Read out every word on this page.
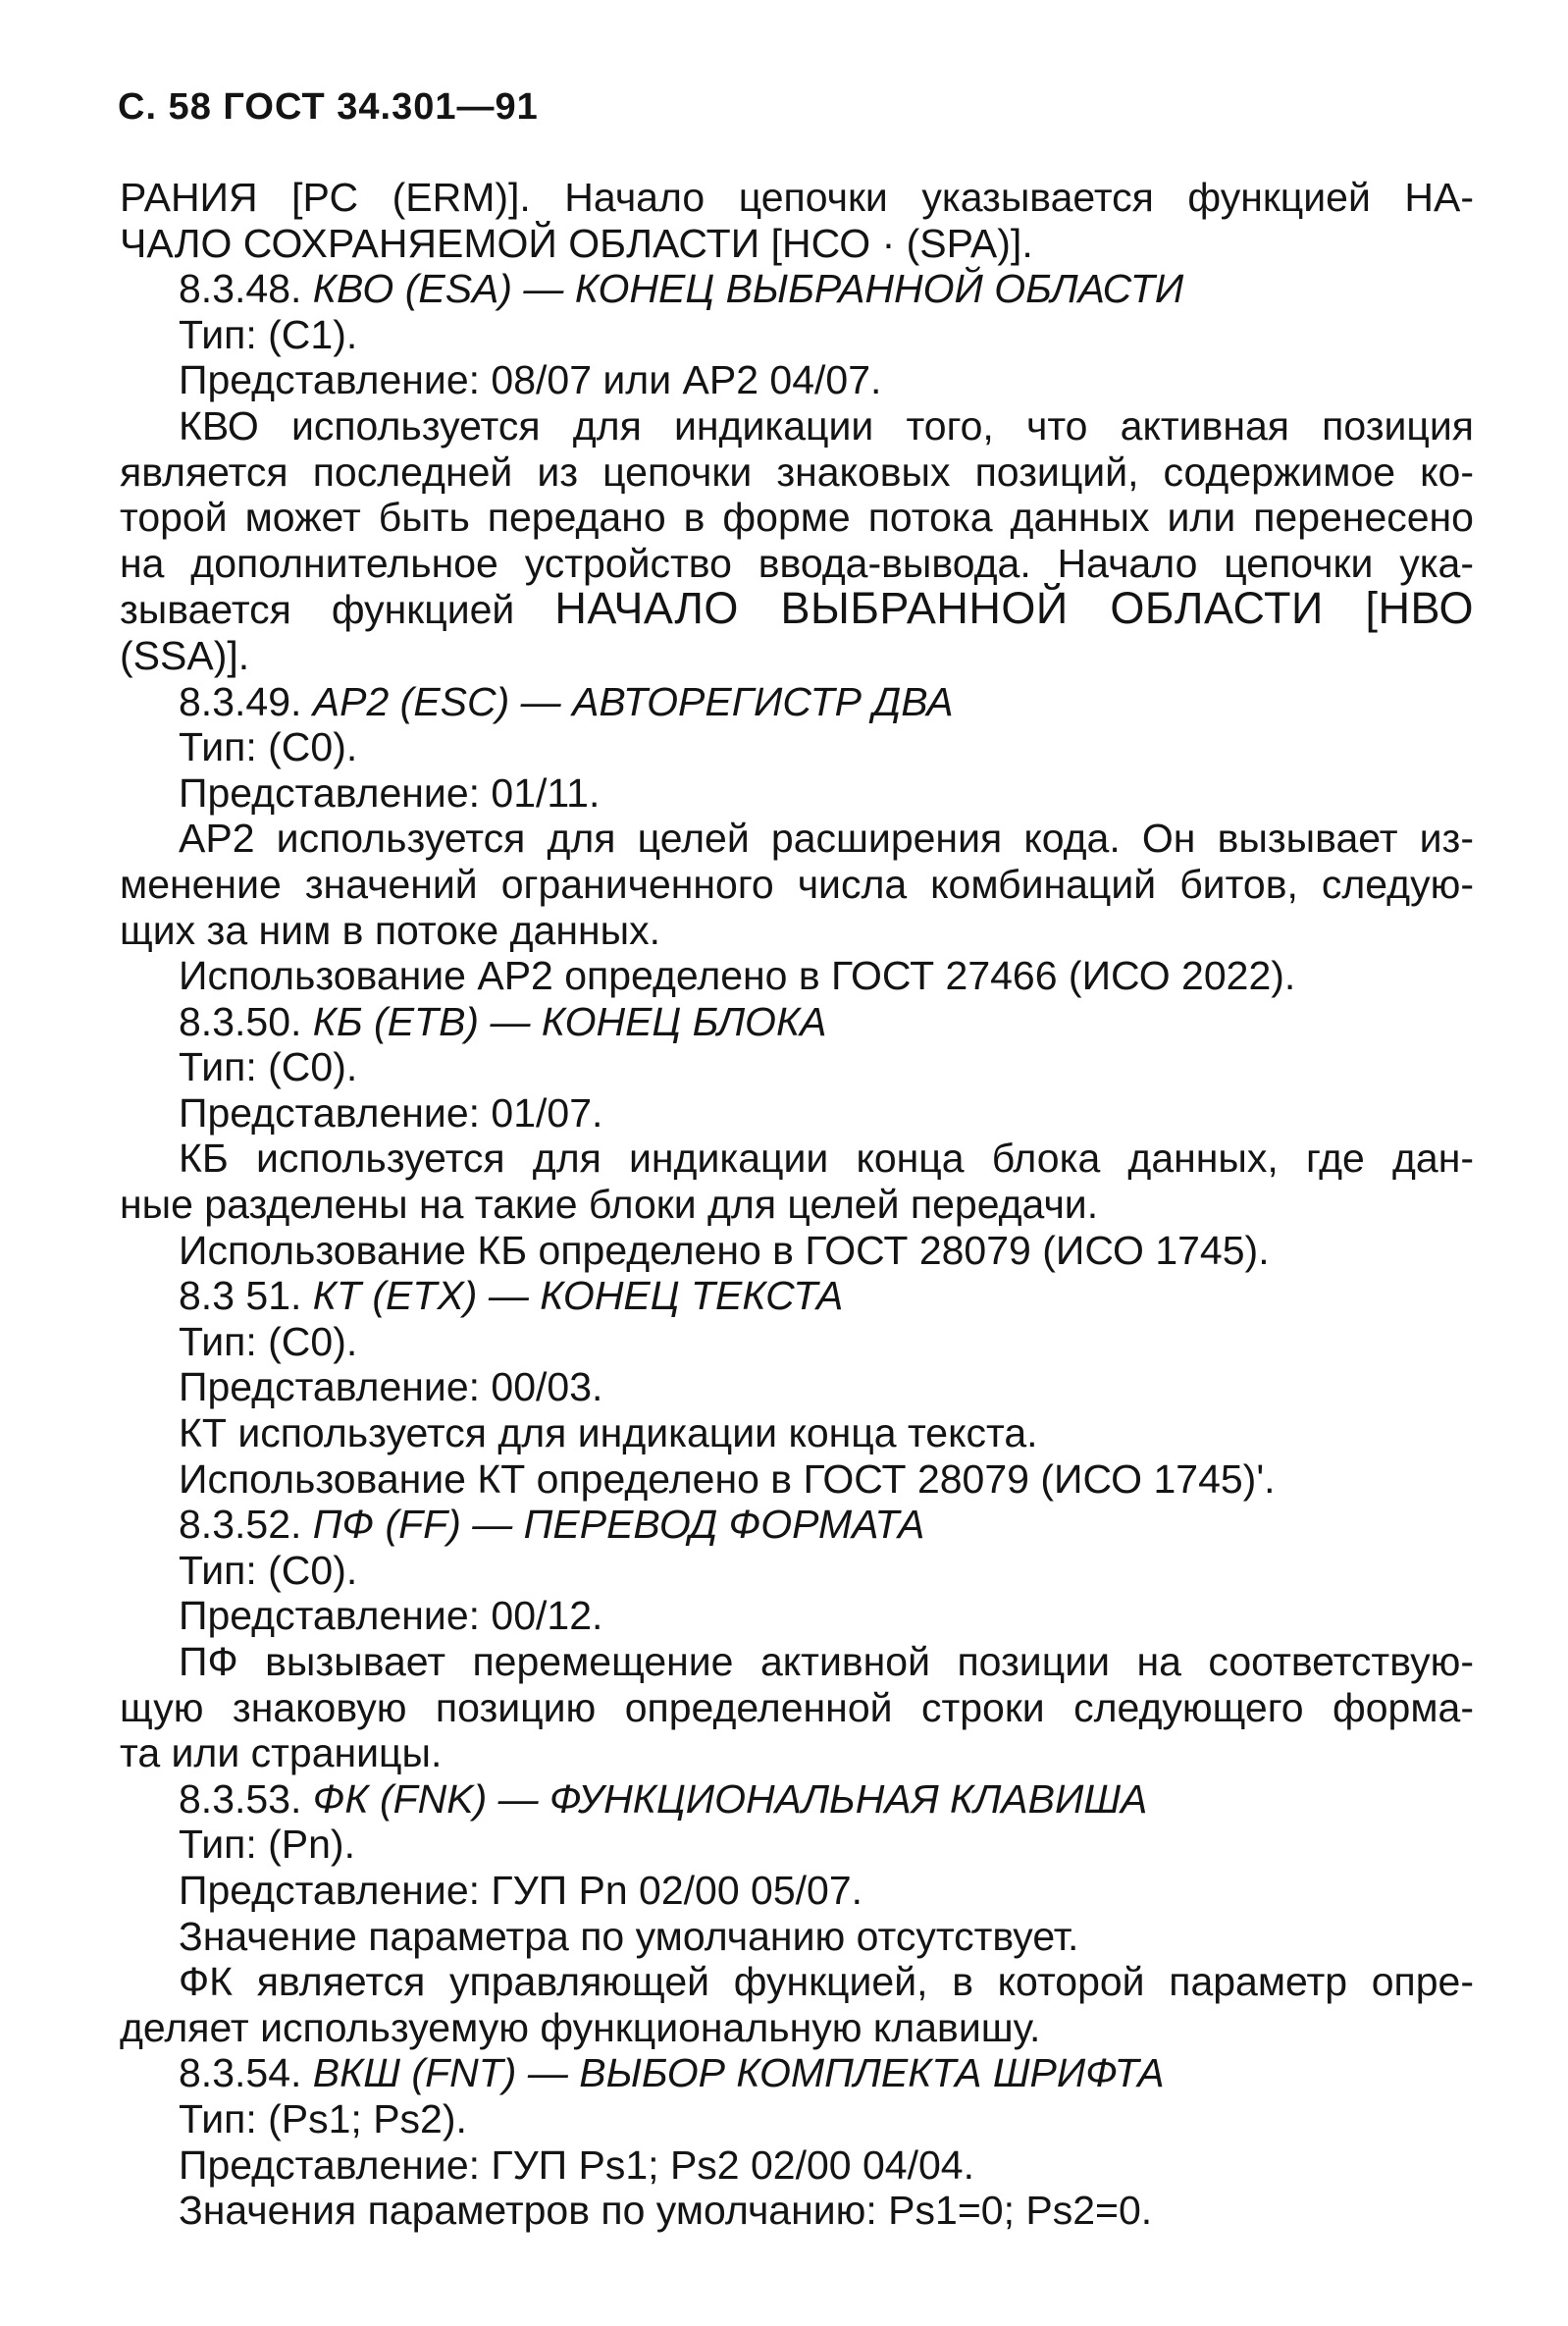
С. 58 ГОСТ 34.301—91

РАНИЯ [РС (ERM)]. Начало цепочки указывается функцией НА-

ЧАЛО СОХРАНЯЕМОЙ ОБЛАСТИ [НСО · (SPA)].

8.3.48. КВО (ESA) — КОНЕЦ ВЫБРАННОЙ ОБЛАСТИ

Тип: (C1).

Представление: 08/07 или АР2 04/07.

КВО используется для индикации того, что активная позиция

является последней из цепочки знаковых позиций, содержимое ко-

торой может быть передано в форме потока данных или перенесено

на дополнительное устройство ввода-вывода. Начало цепочки ука-

зывается функцией НАЧАЛО ВЫБРАННОЙ ОБЛАСТИ [НВО

(SSA)].

8.3.49. АР2 (ESC) — АВТОРЕГИСТР ДВА

Тип: (C0).

Представление: 01/11.

АР2 используется для целей расширения кода. Он вызывает из-

менение значений ограниченного числа комбинаций битов, следую-

щих за ним в потоке данных.

Использование АР2 определено в ГОСТ 27466 (ИСО 2022).

8.3.50. КБ (ЕТВ) — КОНЕЦ БЛОКА

Тип: (C0).

Представление: 01/07.

КБ используется для индикации конца блока данных, где дан-

ные разделены на такие блоки для целей передачи.

Использование КБ определено в ГОСТ 28079 (ИСО 1745).

8.3 51. КТ (ETX) — КОНЕЦ ТЕКСТА

Тип: (C0).

Представление: 00/03.

КТ используется для индикации конца текста.

Использование КТ определено в ГОСТ 28079 (ИСО 1745)'.

8.3.52. ПФ (FF) — ПЕРЕВОД ФОРМАТА

Тип: (C0).

Представление: 00/12.

ПФ вызывает перемещение активной позиции на соответствую-

щую знаковую позицию определенной строки следующего форма-

та или страницы.

8.3.53. ФК (FNK) — ФУНКЦИОНАЛЬНАЯ КЛАВИША

Тип: (Pn).

Представление: ГУП Pn 02/00 05/07.

Значение параметра по умолчанию отсутствует.

ФК является управляющей функцией, в которой параметр опре-

деляет используемую функциональную клавишу.

8.3.54. ВКШ (FNT) — ВЫБОР КОМПЛЕКТА ШРИФТА

Тип: (Ps1; Ps2).

Представление: ГУП Ps1; Ps2 02/00 04/04.

Значения параметров по умолчанию: Ps1=0; Ps2=0.
